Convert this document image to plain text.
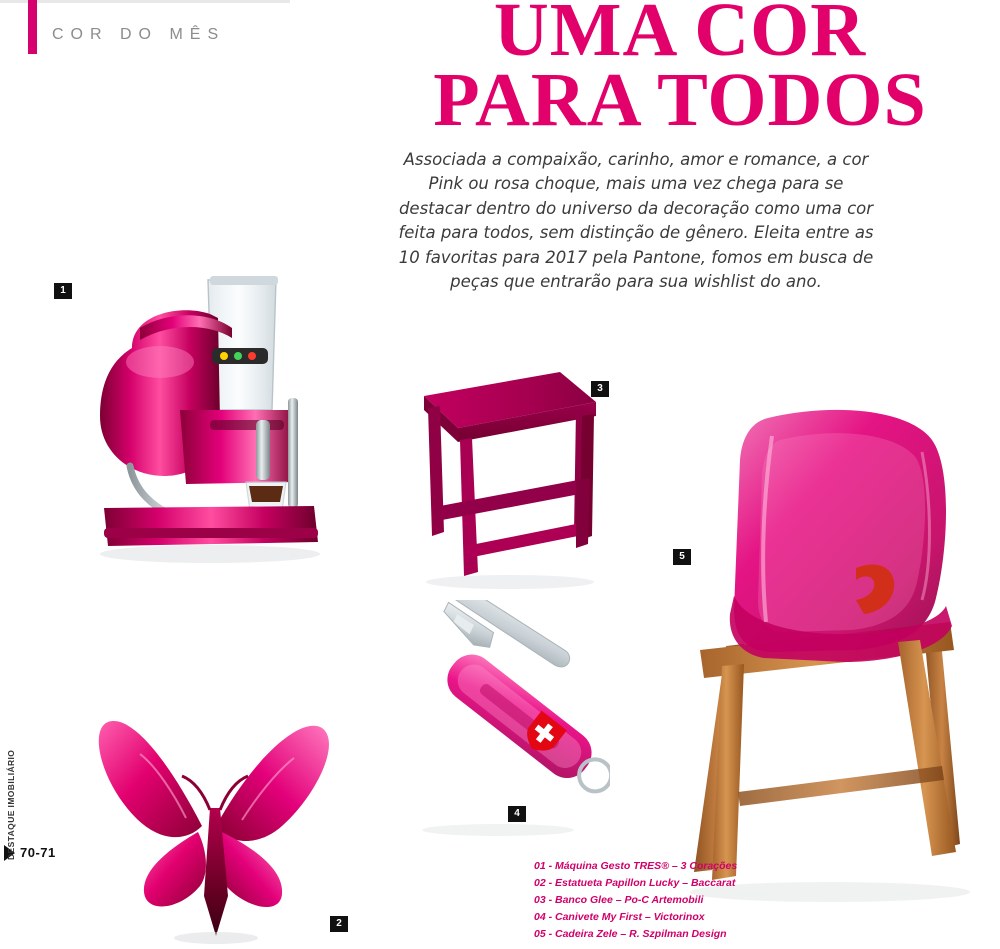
COR DO MÊS	UMA COR
PARA TODOS
Associada a compaixão, carinho, amor e romance, a cor Pink ou rosa choque, mais uma vez chega para se destacar dentro do universo da decoração como uma cor feita para todos, sem distinção de gênero. Eleita entre as 10 favoritas para 2017 pela Pantone, fomos em busca de peças que entrarão para sua wishlist do ano.
1
2
3
4
5
01 - Máquina Gesto TRES® – 3 Corações
02 - Estatueta Papillon Lucky – Baccarat
03 - Banco Glee – Po-C Artemobili
04 - Canivete My First – Victorinox
05 - Cadeira Zele – R. Szpilman Design
70-71
DESTAQUE IMOBILIÁRIO
